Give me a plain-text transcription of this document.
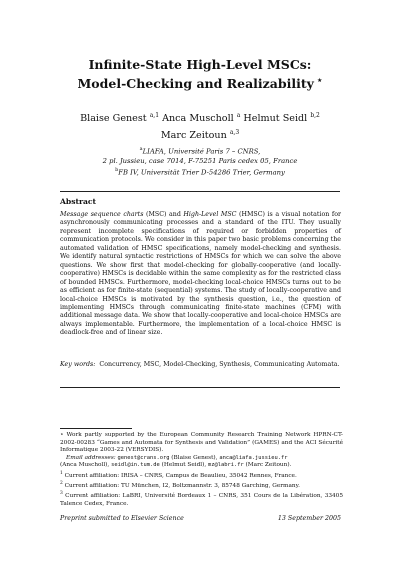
Infinite-State High-Level MSCs:
Model-Checking and Realizability ⋆
Blaise Genest $^{a,1}$ Anca Muscholl $^a$ Helmut Seidl $^{b,2}$
Marc Zeitoun $^{a,3}$
$^a$LIAFA, Université Paris 7 – CNRS,
2 pl. Jussieu, case 7014, F-75251 Paris cedex 05, France
$^b$FB IV, Universität Trier D-54286 Trier, Germany
Abstract
Message sequence charts (MSC) and High-Level MSC (HMSC) is a visual notation for asynchronously communicating processes and a standard of the ITU. They usually represent incomplete specifications of required or forbidden properties of communication protocols. We consider in this paper two basic problems concerning the automated validation of HMSC specifications, namely model-checking and synthesis. We identify natural syntactic restrictions of HMSCs for which we can solve the above questions. We show first that model-checking for globally-cooperative (and locally-cooperative) HMSCs is decidable within the same complexity as for the restricted class of bounded HMSCs. Furthermore, model-checking local-choice HMSCs turns out to be as efficient as for finite-state (sequential) systems. The study of locally-cooperative and local-choice HMSCs is motivated by the synthesis question, i.e., the question of implementing HMSCs through communicating finite-state machines (CFM) with additional message data. We show that locally-cooperative and local-choice HMSCs are always implementable. Furthermore, the implementation of a local-choice HMSC is deadlock-free and of linear size.
Key words: Concurrency, MSC, Model-Checking, Synthesis, Communicating Automata.

⋆ Work partly supported by the European Community Research Training Network HPRN-CT-2002-00283 “Games and Automata for Synthesis and Validation” (GAMES) and the ACI Sécurité Informatique 2003-22 (VERSYDIS).

Email addresses: genest@crans.org (Blaise Genest), anca@liafa.jussieu.fr
(Anca Muscholl), seidl@in.tum.de (Helmut Seidl), mz@labri.fr (Marc Zeitoun).

$^1$ Current affiliation: IRISA – CNRS, Campus de Beaulieu, 35042 Rennes, France.

$^2$ Current affiliation: TU München, I2, Boltzmannstr. 3, 85748 Garching, Germany.

$^3$ Current affiliation: LaBRI, Université Bordeaux 1 – CNRS, 351 Cours de la Libération, 33405 Talence Cedex, France.

Preprint submitted to Elsevier Science	13 September 2005
